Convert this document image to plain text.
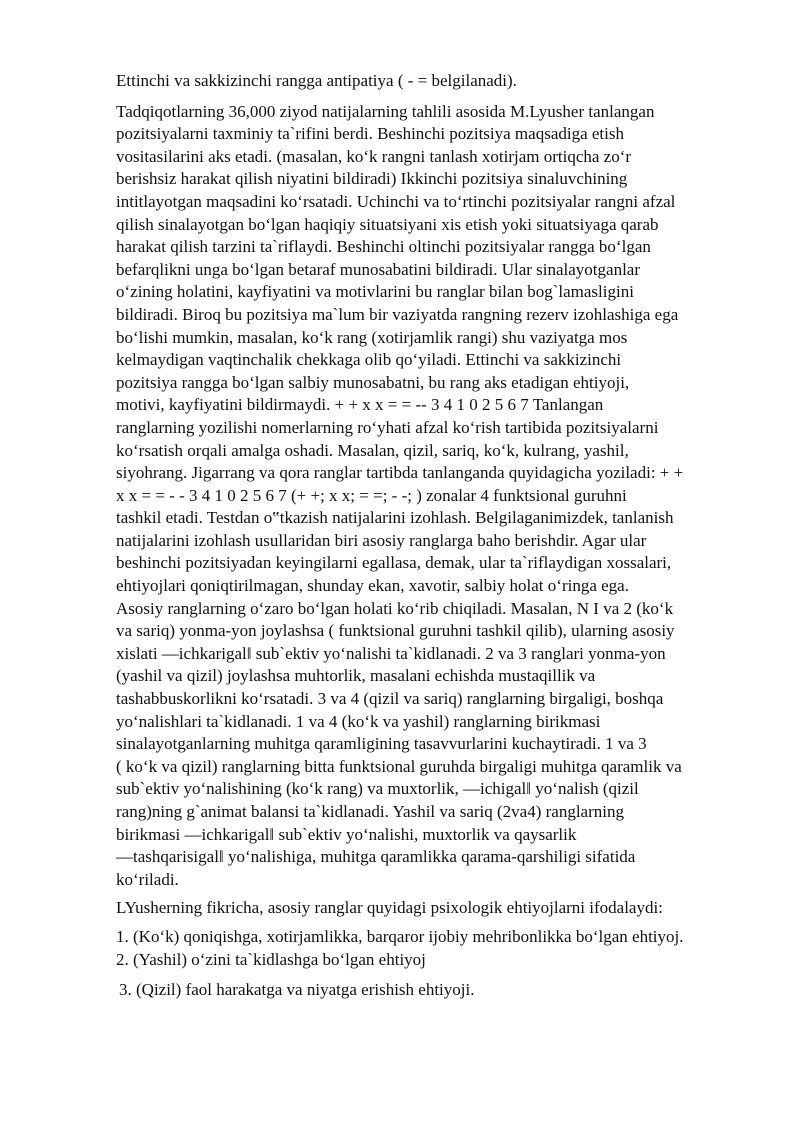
Ettinchi va sakkizinchi rangga antipatiya ( - = belgilanadi).

Tadqiqotlarning 36,000 ziyod natijalarning tahlili asosida M.Lyusher tanlangan
pozitsiyalarni taxminiy ta`rifini berdi. Beshinchi pozitsiya maqsadiga etish
vositasilarini aks etadi. (masalan, ko‘k rangni tanlash xotirjam ortiqcha zo‘r
berishsiz harakat qilish niyatini bildiradi) Ikkinchi pozitsiya sinaluvchining
intitlayotgan maqsadini ko‘rsatadi. Uchinchi va to‘rtinchi pozitsiyalar rangni afzal
qilish sinalayotgan bo‘lgan haqiqiy situatsiyani xis etish yoki situatsiyaga qarab
harakat qilish tarzini ta`riflaydi. Beshinchi oltinchi pozitsiyalar rangga bo‘lgan
befarqlikni unga bo‘lgan betaraf munosabatini bildiradi. Ular sinalayotganlar
o‘zining holatini, kayfiyatini va motivlarini bu ranglar bilan bog`lamasligini
bildiradi. Biroq bu pozitsiya ma`lum bir vaziyatda rangning rezerv izohlashiga ega
bo‘lishi mumkin, masalan, ko‘k rang (xotirjamlik rangi) shu vaziyatga mos
kelmaydigan vaqtinchalik chekkaga olib qo‘yiladi. Ettinchi va sakkizinchi
pozitsiya rangga bo‘lgan salbiy munosabatni, bu rang aks etadigan ehtiyoji,
motivi, kayfiyatini bildirmaydi. + + x x = = -- 3 4 1 0 2 5 6 7 Tanlangan
ranglarning yozilishi nomerlarning ro‘yhati afzal ko‘rish tartibida pozitsiyalarni
ko‘rsatish orqali amalga oshadi. Masalan, qizil, sariq, ko‘k, kulrang, yashil,
siyohrang. Jigarrang va qora ranglar tartibda tanlanganda quyidagicha yoziladi: + +
x x = = - - 3 4 1 0 2 5 6 7 (+ +; x x; = =; - -; ) zonalar 4 funktsional guruhni
tashkil etadi. Testdan o‟tkazish natijalarini izohlash. Belgilaganimizdek, tanlanish
natijalarini izohlash usullaridan biri asosiy ranglarga baho berishdir. Agar ular
beshinchi pozitsiyadan keyingilarni egallasa, demak, ular ta`riflaydigan xossalari,
ehtiyojlari qoniqtirilmagan, shunday ekan, xavotir, salbiy holat o‘ringa ega.
Asosiy ranglarning o‘zaro bo‘lgan holati ko‘rib chiqiladi. Masalan, N I va 2 (ko‘k
va sariq) yonma-yon joylashsa ( funktsional guruhni tashkil qilib), ularning asosiy
xislati ―ichkarigal‖ sub`ektiv yo‘nalishi ta`kidlanadi. 2 va 3 ranglari yonma-yon
(yashil va qizil) joylashsa muhtorlik, masalani echishda mustaqillik va
tashabbuskorlikni ko‘rsatadi. 3 va 4 (qizil va sariq) ranglarning birgaligi, boshqa
yo‘nalishlari ta`kidlanadi. 1 va 4 (ko‘k va yashil) ranglarning birikmasi
sinalayotganlarning muhitga qaramligining tasavvurlarini kuchaytiradi. 1 va 3
( ko‘k va qizil) ranglarning bitta funktsional guruhda birgaligi muhitga qaramlik va
sub`ektiv yo‘nalishining (ko‘k rang) va muxtorlik, ―ichigal‖ yo‘nalish (qizil
rang)ning g`animat balansi ta`kidlanadi. Yashil va sariq (2va4) ranglarning
birikmasi ―ichkarigal‖ sub`ektiv yo‘nalishi, muxtorlik va qaysarlik
―tashqarisigal‖ yo‘nalishiga, muhitga qaramlikka qarama-qarshiligi sifatida
ko‘riladi.

LYusherning fikricha, asosiy ranglar quyidagi psixologik ehtiyojlarni ifodalaydi:

1. (Ko‘k) qoniqishga, xotirjamlikka, barqaror ijobiy mehribonlikka bo‘lgan ehtiyoj.
2. (Yashil) o‘zini ta`kidlashga bo‘lgan ehtiyoj

3. (Qizil) faol harakatga va niyatga erishish ehtiyoji.
